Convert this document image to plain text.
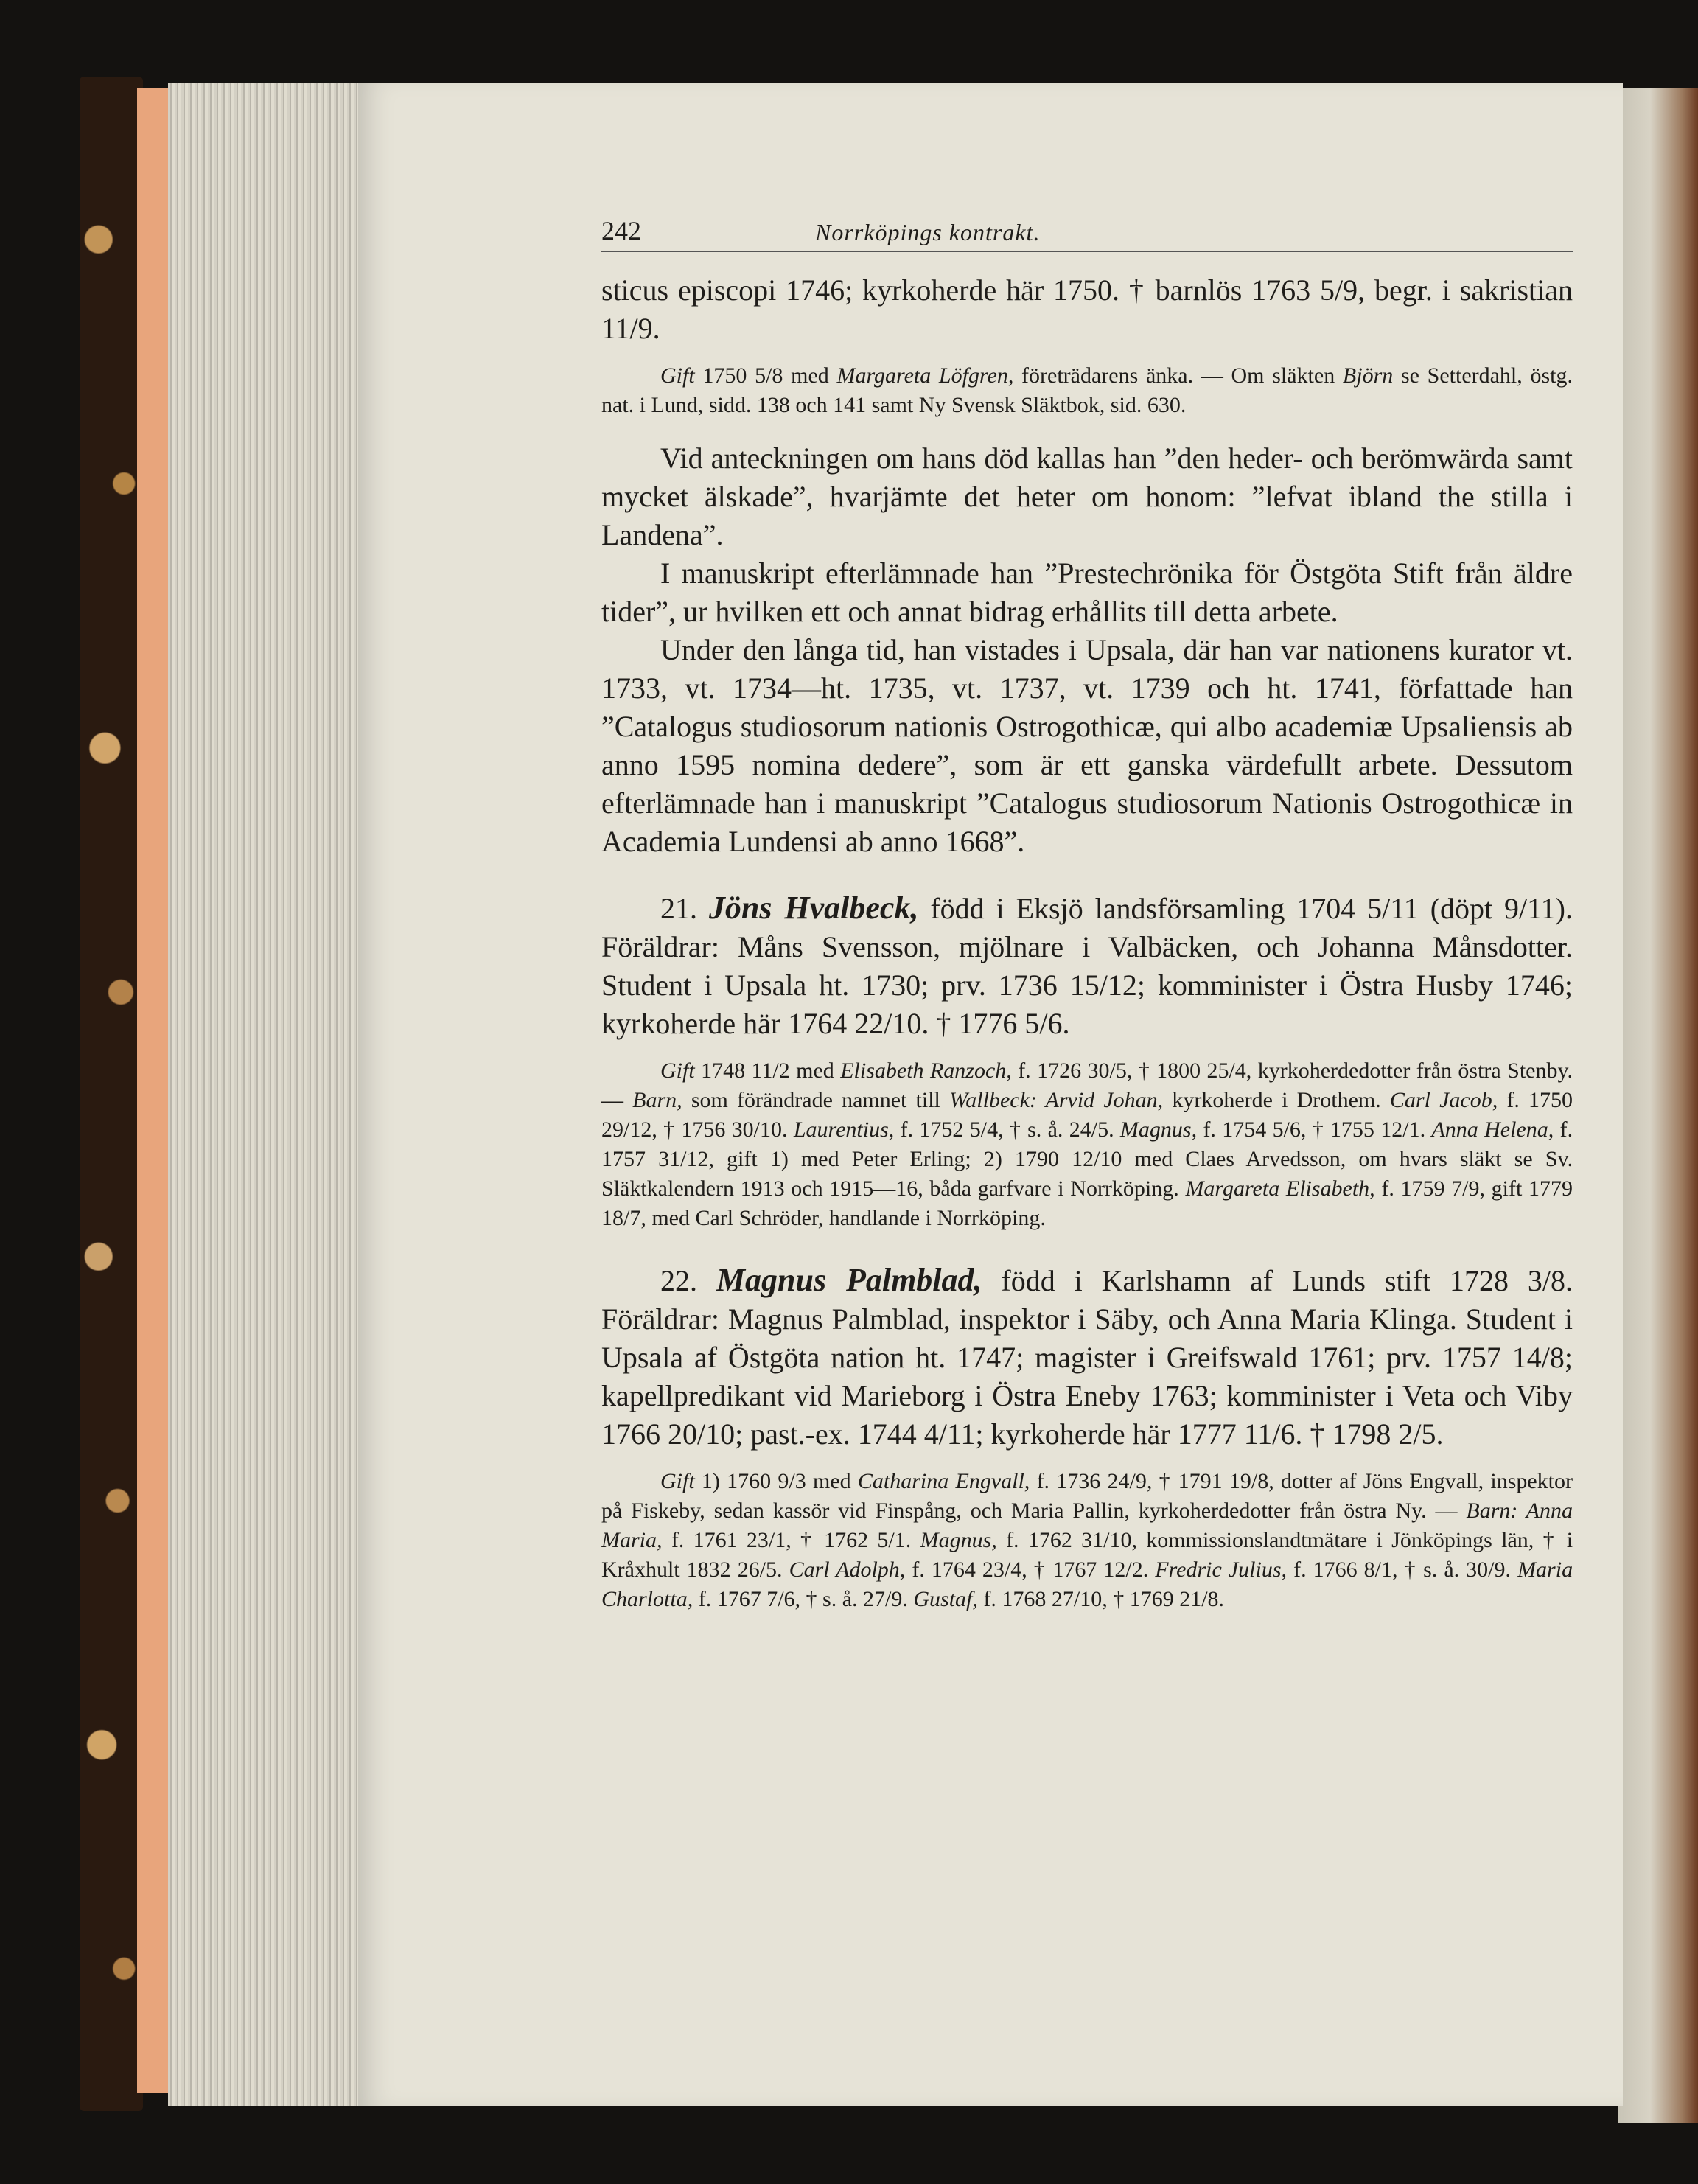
242	Norrköpings kontrakt.

sticus episcopi 1746; kyrkoherde här 1750. † barnlös 1763 5/9, begr. i sakristian 11/9.

Gift 1750 5/8 med Margareta Löfgren, företrädarens änka. — Om släkten Björn se Setterdahl, östg. nat. i Lund, sidd. 138 och 141 samt Ny Svensk Släktbok, sid. 630.

Vid anteckningen om hans död kallas han ”den heder- och berömwärda samt mycket älskade”, hvarjämte det heter om honom: ”lefvat ibland the stilla i Landena”.

I manuskript efterlämnade han ”Prestechrönika för Östgöta Stift från äldre tider”, ur hvilken ett och annat bidrag erhållits till detta arbete.

Under den långa tid, han vistades i Upsala, där han var nationens kurator vt. 1733, vt. 1734—ht. 1735, vt. 1737, vt. 1739 och ht. 1741, författade han ”Catalogus studiosorum nationis Ostrogothicæ, qui albo academiæ Upsaliensis ab anno 1595 nomina dedere”, som är ett ganska värdefullt arbete. Dessutom efterlämnade han i manuskript ”Catalogus studiosorum Nationis Ostrogothicæ in Academia Lundensi ab anno 1668”.

21. Jöns Hvalbeck, född i Eksjö landsförsamling 1704 5/11 (döpt 9/11). Föräldrar: Måns Svensson, mjölnare i Valbäcken, och Johanna Månsdotter. Student i Upsala ht. 1730; prv. 1736 15/12; komminister i Östra Husby 1746; kyrkoherde här 1764 22/10. † 1776 5/6.

Gift 1748 11/2 med Elisabeth Ranzoch, f. 1726 30/5, † 1800 25/4, kyrkoherdedotter från östra Stenby. — Barn, som förändrade namnet till Wallbeck: Arvid Johan, kyrkoherde i Drothem. Carl Jacob, f. 1750 29/12, † 1756 30/10. Laurentius, f. 1752 5/4, † s. å. 24/5. Magnus, f. 1754 5/6, † 1755 12/1. Anna Helena, f. 1757 31/12, gift 1) med Peter Erling; 2) 1790 12/10 med Claes Arvedsson, om hvars släkt se Sv. Släktkalendern 1913 och 1915—16, båda garfvare i Norrköping. Margareta Elisabeth, f. 1759 7/9, gift 1779 18/7, med Carl Schröder, handlande i Norrköping.

22. Magnus Palmblad, född i Karlshamn af Lunds stift 1728 3/8. Föräldrar: Magnus Palmblad, inspektor i Säby, och Anna Maria Klinga. Student i Upsala af Östgöta nation ht. 1747; magister i Greifswald 1761; prv. 1757 14/8; kapellpredikant vid Marieborg i Östra Eneby 1763; komminister i Veta och Viby 1766 20/10; past.-ex. 1744 4/11; kyrkoherde här 1777 11/6. † 1798 2/5.

Gift 1) 1760 9/3 med Catharina Engvall, f. 1736 24/9, † 1791 19/8, dotter af Jöns Engvall, inspektor på Fiskeby, sedan kassör vid Finspång, och Maria Pallin, kyrkoherdedotter från östra Ny. — Barn: Anna Maria, f. 1761 23/1, † 1762 5/1. Magnus, f. 1762 31/10, kommissionslandtmätare i Jönköpings län, † i Kråxhult 1832 26/5. Carl Adolph, f. 1764 23/4, † 1767 12/2. Fredric Julius, f. 1766 8/1, † s. å. 30/9. Maria Charlotta, f. 1767 7/6, † s. å. 27/9. Gustaf, f. 1768 27/10, † 1769 21/8.
